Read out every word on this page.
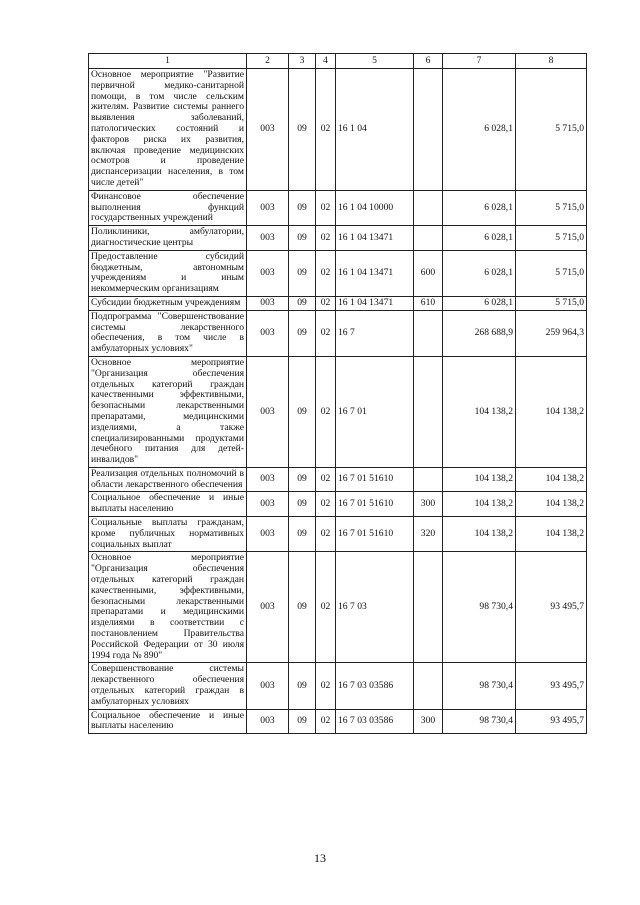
1	2	3	4	5	6	7	8
Основное мероприятие "Развитие первичной медико-санитарной помощи, в том числе сельским жителям. Развитие системы раннего выявления заболеваний, патологических состояний и факторов риска их развития, включая проведение медицинских осмотров и проведение диспансеризации населения, в том числе детей"	003	09	02	16 1 04		6 028,1	5 715,0
Финансовое обеспечение выполнения функций государственных учреждений	003	09	02	16 1 04 10000		6 028,1	5 715,0
Поликлиники, амбулатории, диагностические центры	003	09	02	16 1 04 13471		6 028,1	5 715,0
Предоставление субсидий бюджетным, автономным учреждениям и иным некоммерческим организациям	003	09	02	16 1 04 13471	600	6 028,1	5 715,0
Субсидии бюджетным учреждениям	003	09	02	16 1 04 13471	610	6 028,1	5 715,0
Подпрограмма "Совершенствование системы лекарственного обеспечения, в том числе в амбулаторных условиях"	003	09	02	16 7		268 688,9	259 964,3
Основное мероприятие "Организация обеспечения отдельных категорий граждан качественными эффективными, безопасными лекарственными препаратами, медицинскими изделиями, а также специализированными продуктами лечебного питания для детей-инвалидов"	003	09	02	16 7 01		104 138,2	104 138,2
Реализация отдельных полномочий в области лекарственного обеспечения	003	09	02	16 7 01 51610		104 138,2	104 138,2
Социальное обеспечение и иные выплаты населению	003	09	02	16 7 01 51610	300	104 138,2	104 138,2
Социальные выплаты гражданам, кроме публичных нормативных социальных выплат	003	09	02	16 7 01 51610	320	104 138,2	104 138,2
Основное мероприятие "Организация обеспечения отдельных категорий граждан качественными, эффективными, безопасными лекарственными препаратами и медицинскими изделиями в соответствии с постановлением Правительства Российской Федерации от 30 июля 1994 года № 890"	003	09	02	16 7 03		98 730,4	93 495,7
Совершенствование системы лекарственного обеспечения отдельных категорий граждан в амбулаторных условиях	003	09	02	16 7 03 03586		98 730,4	93 495,7
Социальное обеспечение и иные выплаты населению	003	09	02	16 7 03 03586	300	98 730,4	93 495,7
13
